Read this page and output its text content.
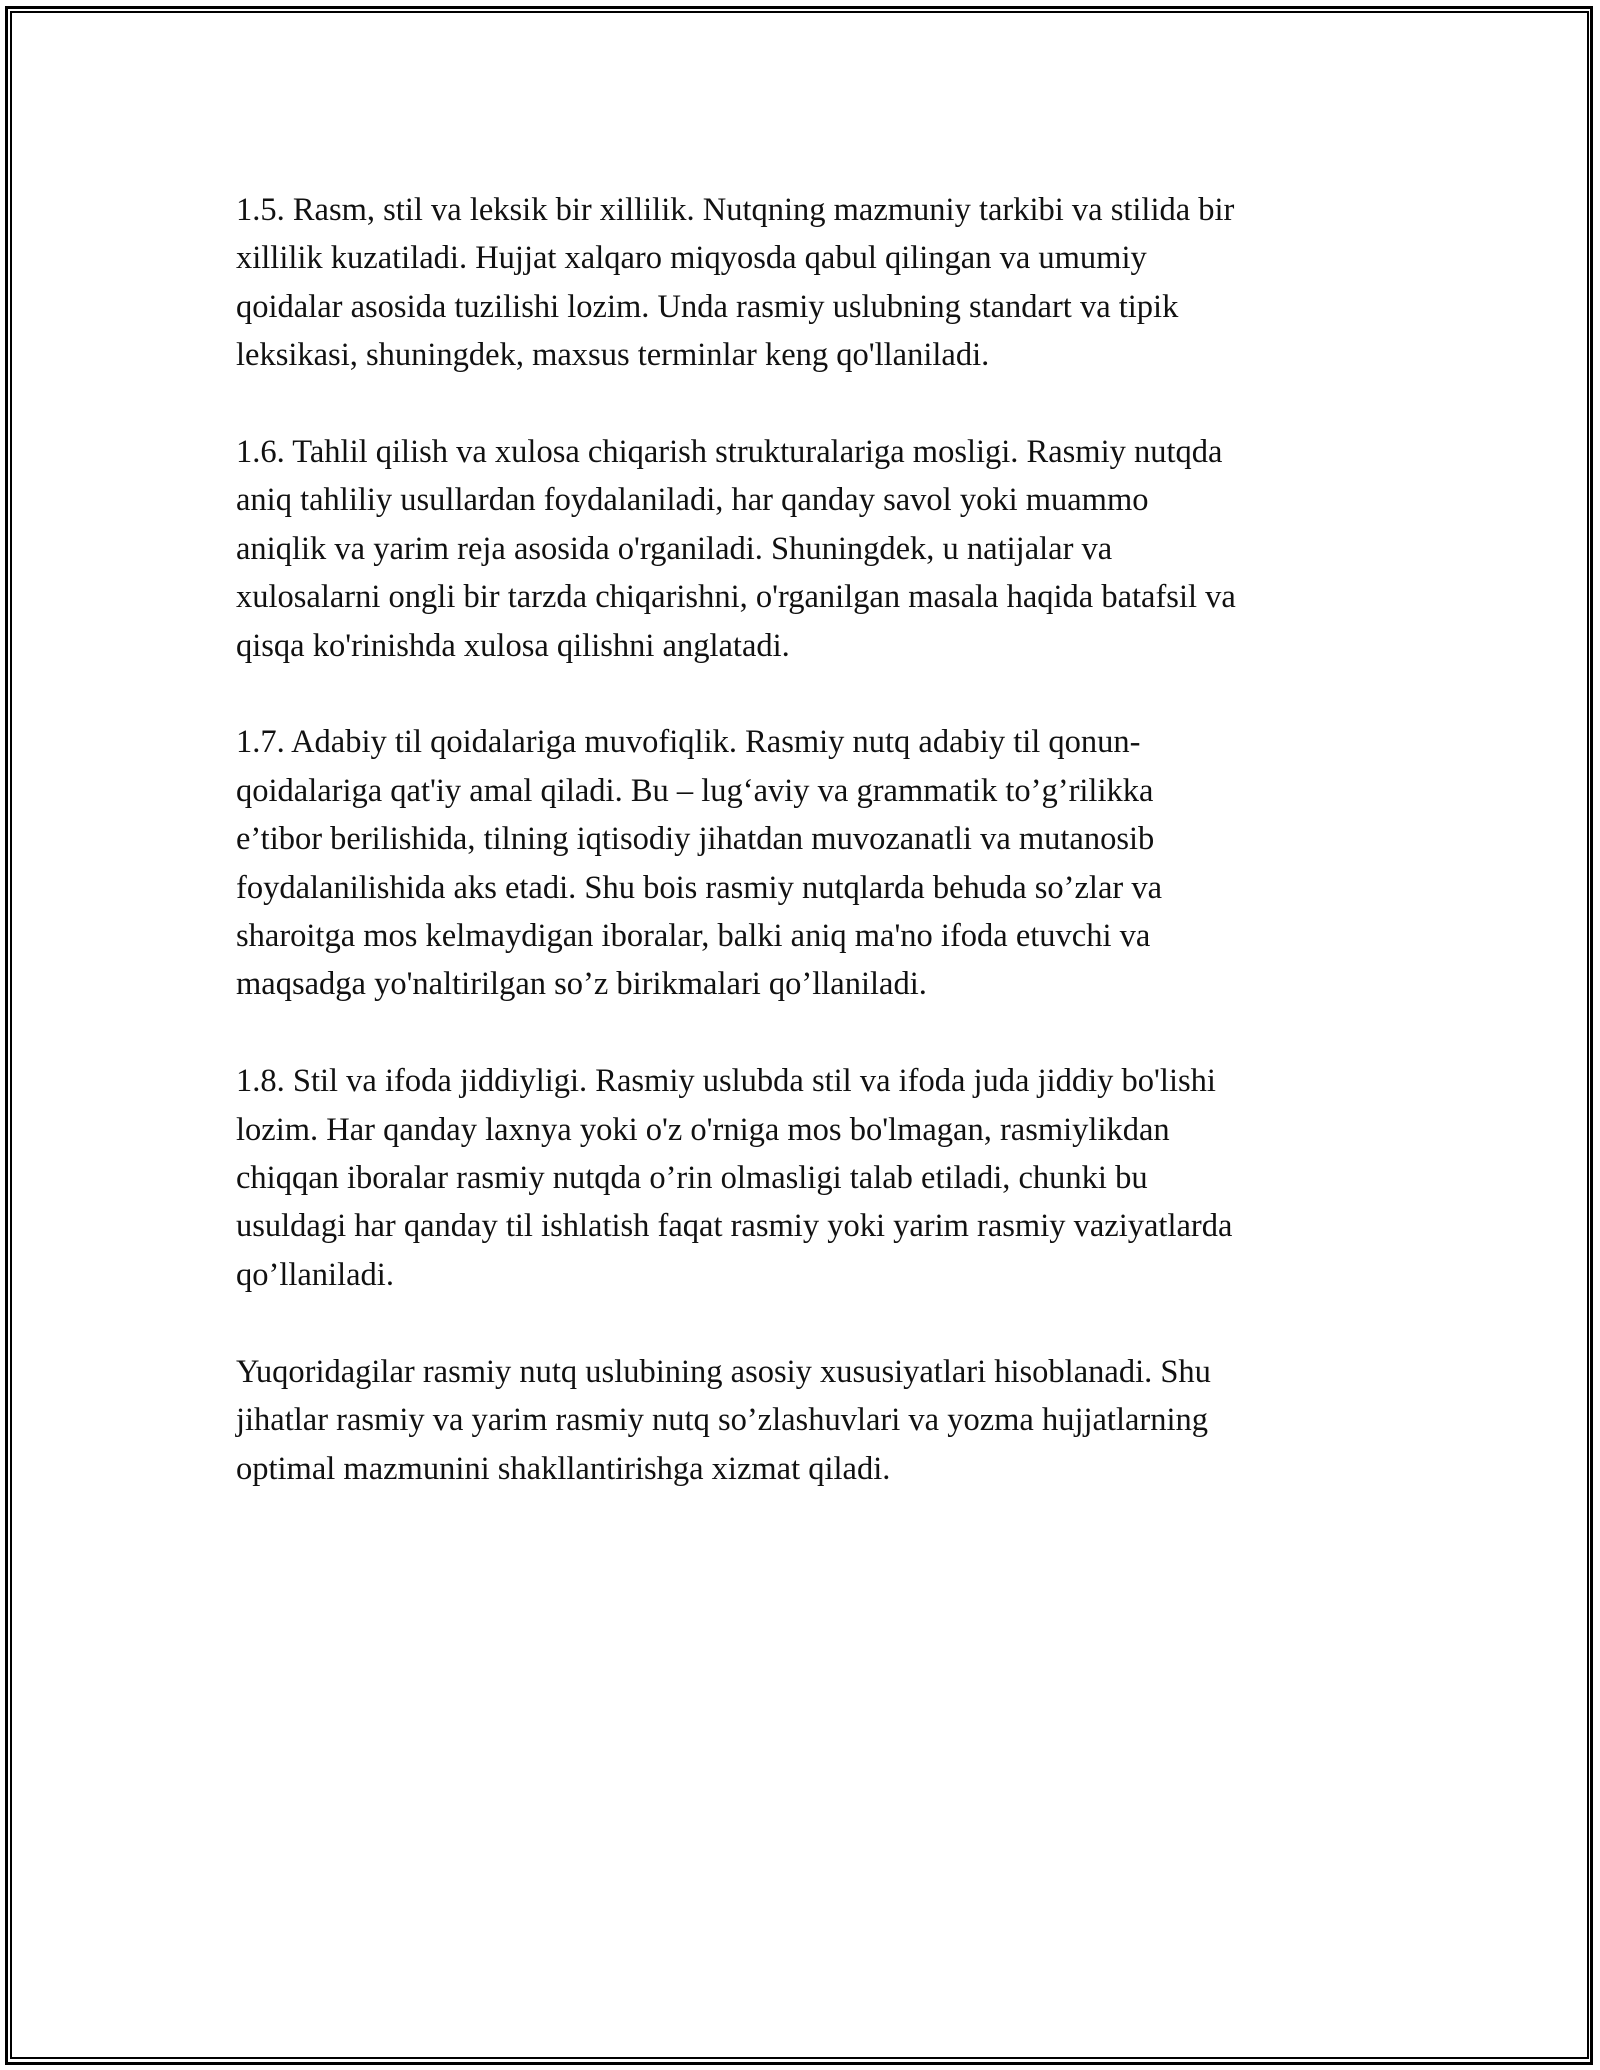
1.5. Rasm, stil va leksik bir xillilik. Nutqning mazmuniy tarkibi va stilida bir
xillilik kuzatiladi. Hujjat xalqaro miqyosda qabul qilingan va umumiy
qoidalar asosida tuzilishi lozim. Unda rasmiy uslubning standart va tipik
leksikasi, shuningdek, maxsus terminlar keng qo'llaniladi.

1.6. Tahlil qilish va xulosa chiqarish strukturalariga mosligi. Rasmiy nutqda
aniq tahliliy usullardan foydalaniladi, har qanday savol yoki muammo
aniqlik va yarim reja asosida o'rganiladi. Shuningdek, u natijalar va
xulosalarni ongli bir tarzda chiqarishni, o'rganilgan masala haqida batafsil va
qisqa ko'rinishda xulosa qilishni anglatadi.

1.7. Adabiy til qoidalariga muvofiqlik. Rasmiy nutq adabiy til qonun-
qoidalariga qat'iy amal qiladi. Bu – lug‘aviy va grammatik to’g’rilikka
e’tibor berilishida, tilning iqtisodiy jihatdan muvozanatli va mutanosib
foydalanilishida aks etadi. Shu bois rasmiy nutqlarda behuda so’zlar va
sharoitga mos kelmaydigan iboralar, balki aniq ma'no ifoda etuvchi va
maqsadga yo'naltirilgan so’z birikmalari qo’llaniladi.

1.8. Stil va ifoda jiddiyligi. Rasmiy uslubda stil va ifoda juda jiddiy bo'lishi
lozim. Har qanday laxnya yoki o'z o'rniga mos bo'lmagan, rasmiylikdan
chiqqan iboralar rasmiy nutqda o’rin olmasligi talab etiladi, chunki bu
usuldagi har qanday til ishlatish faqat rasmiy yoki yarim rasmiy vaziyatlarda
qo’llaniladi.

Yuqoridagilar rasmiy nutq uslubining asosiy xususiyatlari hisoblanadi. Shu
jihatlar rasmiy va yarim rasmiy nutq so’zlashuvlari va yozma hujjatlarning
optimal mazmunini shakllantirishga xizmat qiladi.
